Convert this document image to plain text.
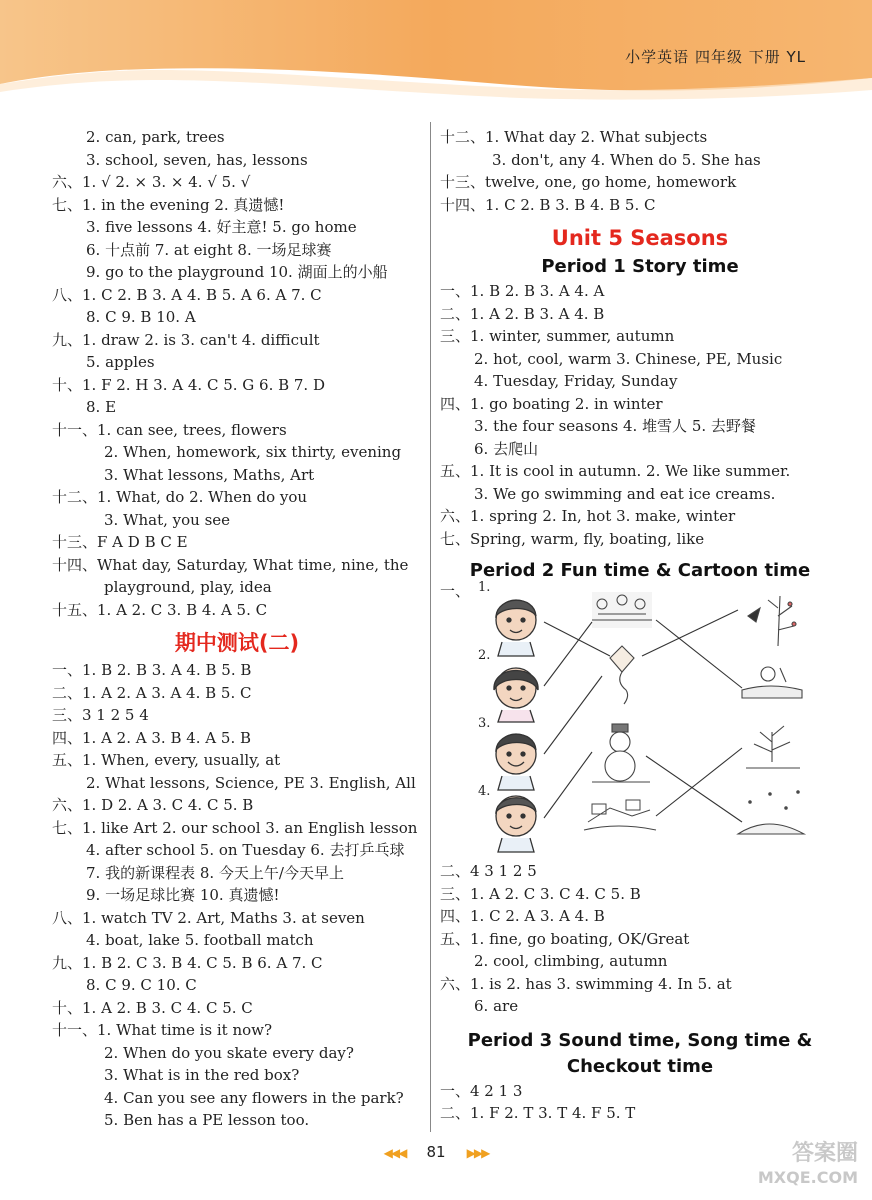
小学英语 四年级 下册 YL
2. can, park, trees
3. school, seven, has, lessons
六、1. √ 2. × 3. × 4. √ 5. √
七、1. in the evening 2. 真遗憾!
3. five lessons 4. 好主意! 5. go home
6. 十点前 7. at eight 8. 一场足球赛
9. go to the playground 10. 湖面上的小船
八、1. C 2. B 3. A 4. B 5. A 6. A 7. C
8. C 9. B 10. A
九、1. draw 2. is 3. can't 4. difficult
5. apples
十、1. F 2. H 3. A 4. C 5. G 6. B 7. D
8. E
十一、1. can see, trees, flowers
2. When, homework, six thirty, evening
3. What lessons, Maths, Art
十二、1. What, do 2. When do you
3. What, you see
十三、F A D B C E
十四、What day, Saturday, What time, nine, the
playground, play, idea
十五、1. A 2. C 3. B 4. A 5. C
期中测试(二)
一、1. B 2. B 3. A 4. B 5. B
二、1. A 2. A 3. A 4. B 5. C
三、3 1 2 5 4
四、1. A 2. A 3. B 4. A 5. B
五、1. When, every, usually, at
2. What lessons, Science, PE 3. English, All
六、1. D 2. A 3. C 4. C 5. B
七、1. like Art 2. our school 3. an English lesson
4. after school 5. on Tuesday 6. 去打乒乓球
7. 我的新课程表 8. 今天上午/今天早上
9. 一场足球比赛 10. 真遗憾!
八、1. watch TV 2. Art, Maths 3. at seven
4. boat, lake 5. football match
九、1. B 2. C 3. B 4. C 5. B 6. A 7. C
8. C 9. C 10. C
十、1. A 2. B 3. C 4. C 5. C
十一、1. What time is it now?
2. When do you skate every day?
3. What is in the red box?
4. Can you see any flowers in the park?
5. Ben has a PE lesson too.
十二、1. What day 2. What subjects
3. don't, any 4. When do 5. She has
十三、twelve, one, go home, homework
十四、1. C 2. B 3. B 4. B 5. C
Unit 5 Seasons
Period 1 Story time
一、1. B 2. B 3. A 4. A
二、1. A 2. B 3. A 4. B
三、1. winter, summer, autumn
2. hot, cool, warm 3. Chinese, PE, Music
4. Tuesday, Friday, Sunday
四、1. go boating 2. in winter
3. the four seasons 4. 堆雪人 5. 去野餐
6. 去爬山
五、1. It is cool in autumn. 2. We like summer.
3. We go swimming and eat ice creams.
六、1. spring 2. In, hot 3. make, winter
七、Spring, warm, fly, boating, like
Period 2 Fun time & Cartoon time
一、 1.
2.
3.
4.
二、4 3 1 2 5
三、1. A 2. C 3. C 4. C 5. B
四、1. C 2. A 3. A 4. B
五、1. fine, go boating, OK/Great
2. cool, climbing, autumn
六、1. is 2. has 3. swimming 4. In 5. at
6. are
Period 3 Sound time, Song time &
Checkout time
一、4 2 1 3
二、1. F 2. T 3. T 4. F 5. T
◀◀◀ 81 ▶▶▶	答案圈
MXQE.COM
